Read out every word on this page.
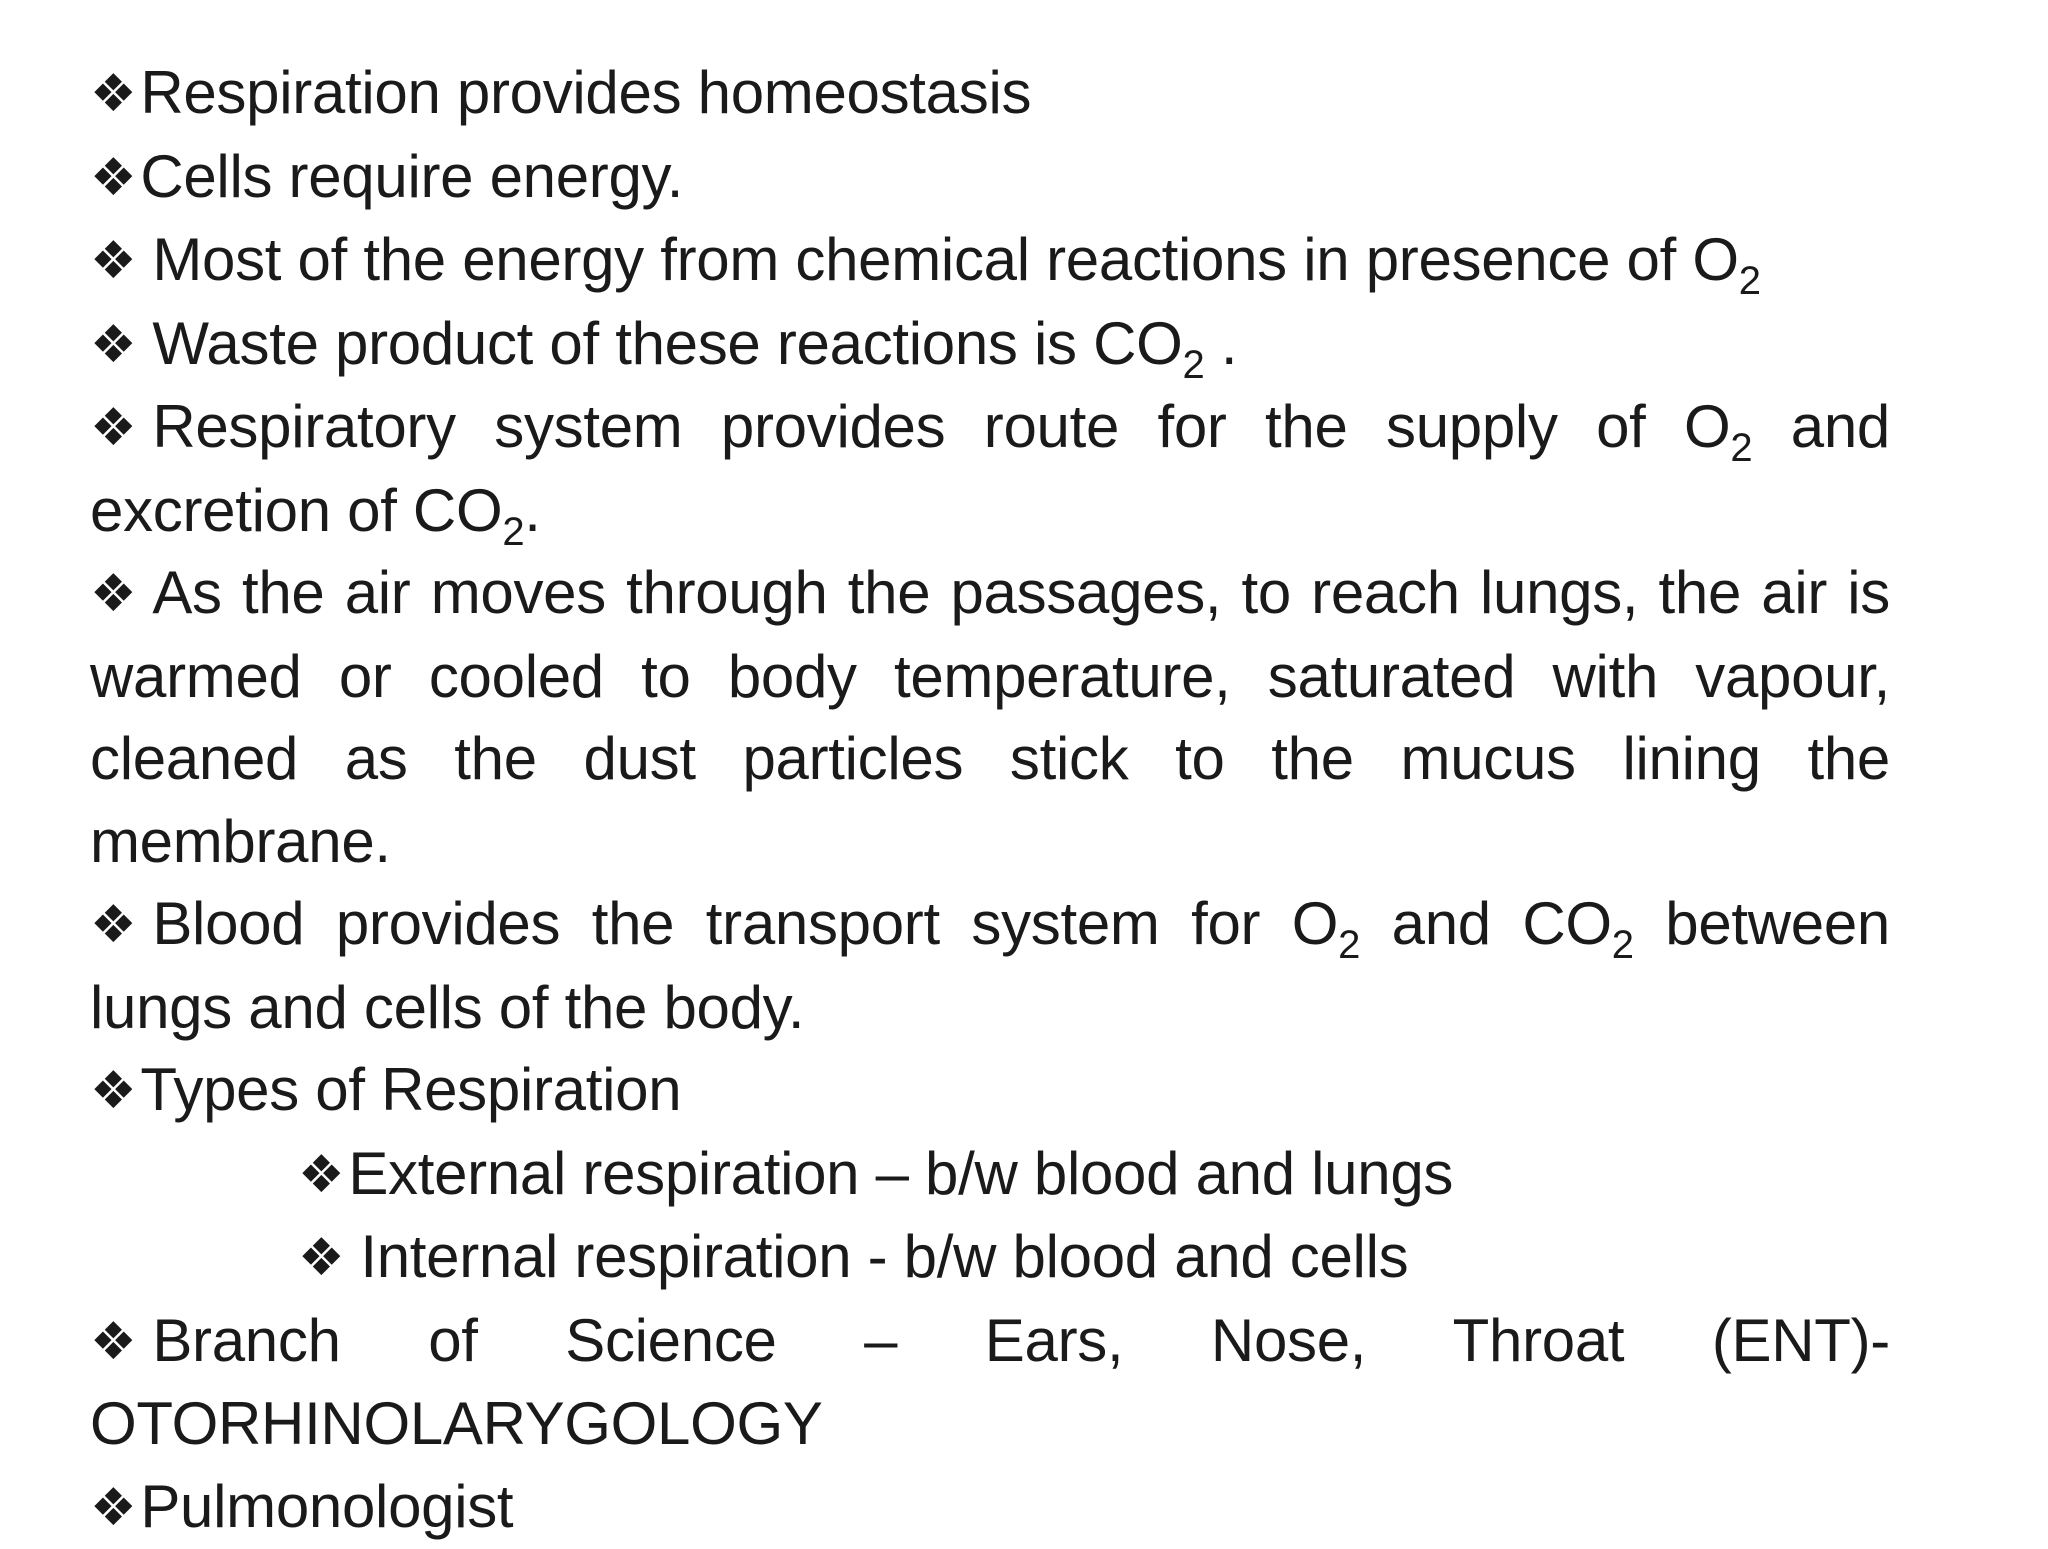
❖Respiration provides homeostasis

❖Cells require energy.

❖ Most of the energy from chemical reactions in presence of $O_2$

❖ Waste product of these reactions is $CO_2$ .

❖ Respiratory system provides route for the supply of $O_2$ and excretion of $CO_2$.

❖ As the air moves through the passages, to reach lungs, the air is warmed or cooled to body temperature, saturated with vapour, cleaned as the dust particles stick to the mucus lining the membrane.

❖ Blood provides the transport system for $O_2$ and $CO_2$ between lungs and cells of the body.

❖Types of Respiration

❖External respiration – b/w blood and lungs

❖ Internal respiration - b/w blood and cells

❖ Branch of Science – Ears, Nose, Throat (ENT)- OTORHINOLARYGOLOGY

❖Pulmonologist
